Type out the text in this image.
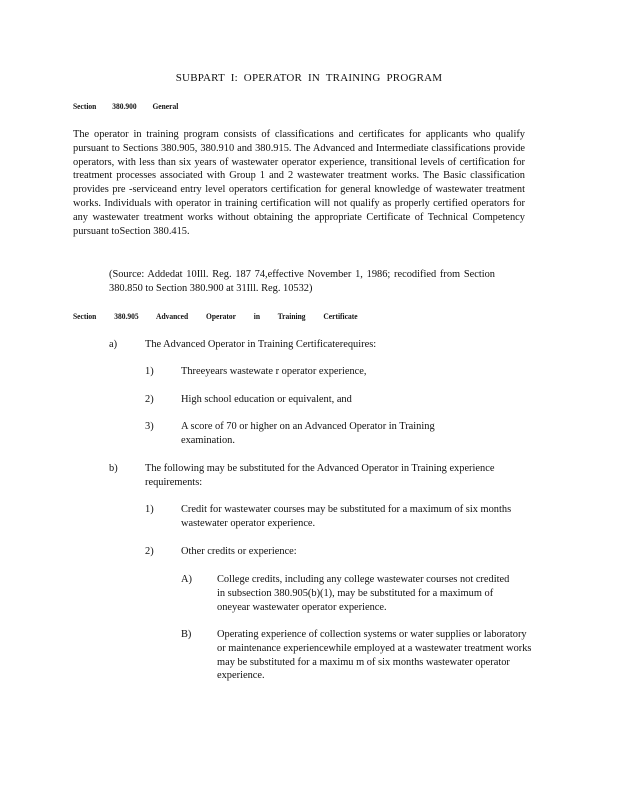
SUBPART I: OPERATOR IN TRAINING PROGRAM
Section 380.900 General
The operator in training program consists of classifications and certificates for applicants who qualify pursuant to Sections 380.905, 380.910 and 380.915. The Advanced and Intermediate classifications provide operators, with less than six years of wastewater operator experience, transitional levels of certification for treatment processes associated with Group 1 and 2 wastewater treatment works. The Basic classification provides pre -serviceand entry level operators certification for general knowledge of wastewater treatment works. Individuals with operator in training certification will not qualify as properly certified operators for any wastewater treatment works without obtaining the appropriate Certificate of Technical Competency pursuant toSection 380.415.
(Source: Addedat 10Ill. Reg. 187 74,effective November 1, 1986; recodified from Section 380.850 to Section 380.900 at 31Ill. Reg. 10532)
Section 380.905 Advanced Operator in Training Certificate
a)	The Advanced Operator in Training Certificaterequires:
1)	Threeyears wastewate r operator experience,
2)	High school education or equivalent, and
3)	A score of 70 or higher on an Advanced Operator in Training examination.
b)	The following may be substituted for the Advanced Operator in Training experience requirements:
1)	Credit for wastewater courses may be substituted for a maximum of six months wastewater operator experience.
2)	Other credits or experience:
A) College credits, including any college wastewater courses not credited in subsection 380.905(b)(1), may be substituted for a maximum of oneyear wastewater operator experience.
B) Operating experience of collection systems or water supplies or laboratory or maintenance experiencewhile employed at a wastewater treatment works may be substituted for a maximu m of six months wastewater operator experience.
